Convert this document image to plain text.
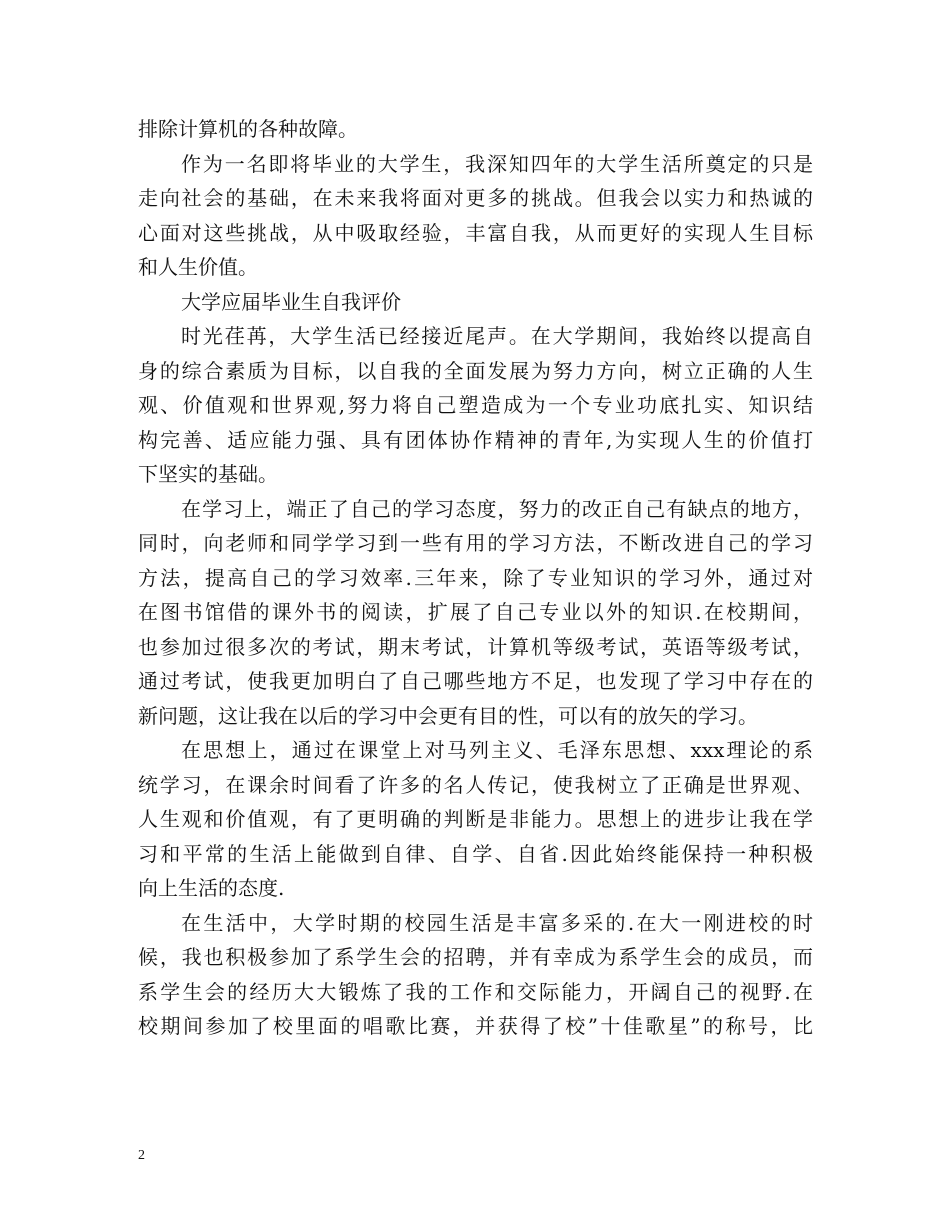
排除计算机的各种故障。
作为一名即将毕业的大学生，我深知四年的大学生活所奠定的只是
走向社会的基础，在未来我将面对更多的挑战。但我会以实力和热诚的
心面对这些挑战，从中吸取经验，丰富自我，从而更好的实现人生目标
和人生价值。
大学应届毕业生自我评价
时光荏苒，大学生活已经接近尾声。在大学期间，我始终以提高自
身的综合素质为目标，以自我的全面发展为努力方向，树立正确的人生
观、价值观和世界观,努力将自己塑造成为一个专业功底扎实、知识结
构完善、适应能力强、具有团体协作精神的青年,为实现人生的价值打
下坚实的基础。
在学习上，端正了自己的学习态度，努力的改正自己有缺点的地方，
同时，向老师和同学学习到一些有用的学习方法，不断改进自己的学习
方法，提高自己的学习效率.三年来，除了专业知识的学习外，通过对
在图书馆借的课外书的阅读，扩展了自己专业以外的知识.在校期间，
也参加过很多次的考试，期末考试，计算机等级考试，英语等级考试，
通过考试，使我更加明白了自己哪些地方不足，也发现了学习中存在的
新问题，这让我在以后的学习中会更有目的性，可以有的放矢的学习。
在思想上，通过在课堂上对马列主义、毛泽东思想、xxx理论的系
统学习，在课余时间看了许多的名人传记，使我树立了正确是世界观、
人生观和价值观，有了更明确的判断是非能力。思想上的进步让我在学
习和平常的生活上能做到自律、自学、自省.因此始终能保持一种积极
向上生活的态度.
在生活中，大学时期的校园生活是丰富多采的.在大一刚进校的时
候，我也积极参加了系学生会的招聘，并有幸成为系学生会的成员，而
系学生会的经历大大锻炼了我的工作和交际能力，开阔自己的视野.在
校期间参加了校里面的唱歌比赛，并获得了校”十佳歌星”的称号，比
2
